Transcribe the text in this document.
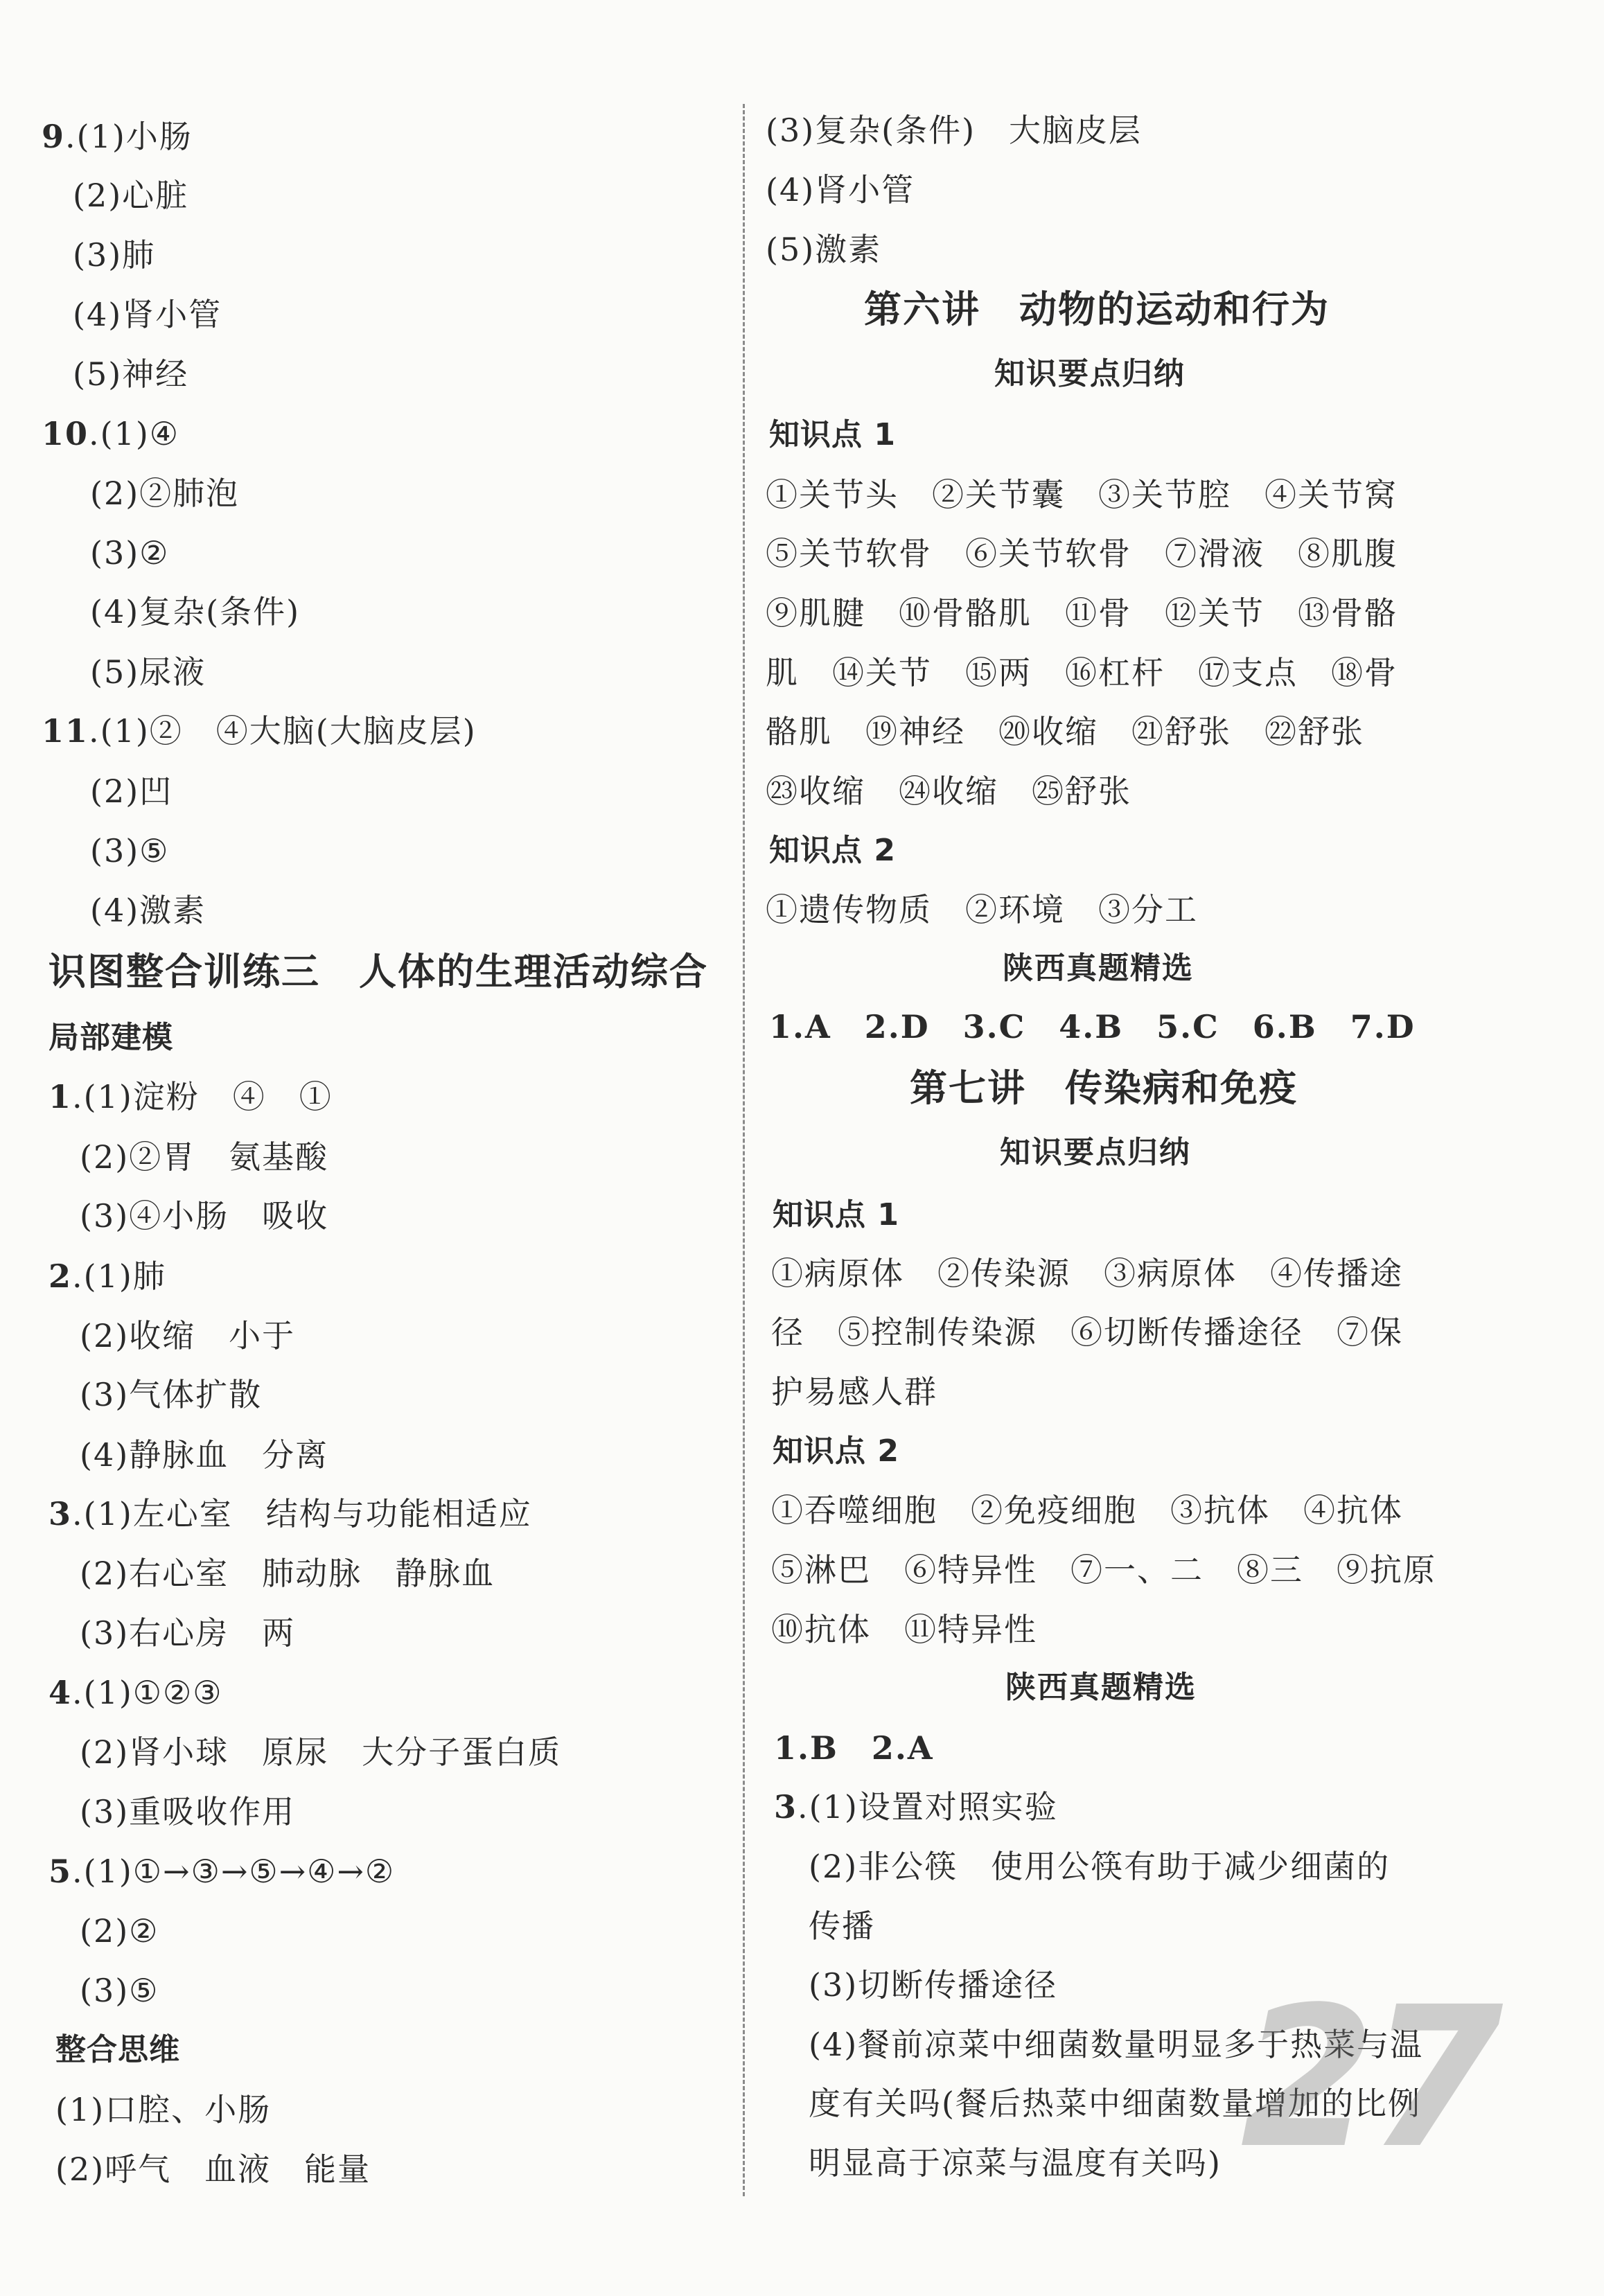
9.(1)小肠
(2)心脏
(3)肺
(4)肾小管
(5)神经
10.(1)④
(2)②肺泡
(3)②
(4)复杂(条件)
(5)尿液
11.(1)②　④大脑(大脑皮层)
(2)凹
(3)⑤
(4)激素
识图整合训练三　人体的生理活动综合
局部建模
1.(1)淀粉　④　①
(2)②胃　氨基酸
(3)④小肠　吸收
2.(1)肺
(2)收缩　小于
(3)气体扩散
(4)静脉血　分离
3.(1)左心室　结构与功能相适应
(2)右心室　肺动脉　静脉血
(3)右心房　两
4.(1)①②③
(2)肾小球　原尿　大分子蛋白质
(3)重吸收作用
5.(1)①→③→⑤→④→②
(2)②
(3)⑤
整合思维
(1)口腔、小肠
(2)呼气　血液　能量
(3)复杂(条件)　大脑皮层
(4)肾小管
(5)激素
第六讲　动物的运动和行为
知识要点归纳
知识点 1
①关节头　②关节囊　③关节腔　④关节窝
⑤关节软骨　⑥关节软骨　⑦滑液　⑧肌腹
⑨肌腱　⑩骨骼肌　⑪骨　⑫关节　⑬骨骼
肌　⑭关节　⑮两　⑯杠杆　⑰支点　⑱骨
骼肌　⑲神经　⑳收缩　㉑舒张　㉒舒张
㉓收缩　㉔收缩　㉕舒张
知识点 2
①遗传物质　②环境　③分工
陕西真题精选
1.A　2.D　3.C　4.B　5.C　6.B　7.D
第七讲　传染病和免疫
知识要点归纳
知识点 1
①病原体　②传染源　③病原体　④传播途
径　⑤控制传染源　⑥切断传播途径　⑦保
护易感人群
知识点 2
①吞噬细胞　②免疫细胞　③抗体　④抗体
⑤淋巴　⑥特异性　⑦一、二　⑧三　⑨抗原
⑩抗体　⑪特异性
陕西真题精选
1.B　2.A
3.(1)设置对照实验
(2)非公筷　使用公筷有助于减少细菌的
传播
(3)切断传播途径
(4)餐前凉菜中细菌数量明显多于热菜与温
度有关吗(餐后热菜中细菌数量增加的比例
明显高于凉菜与温度有关吗) 27
